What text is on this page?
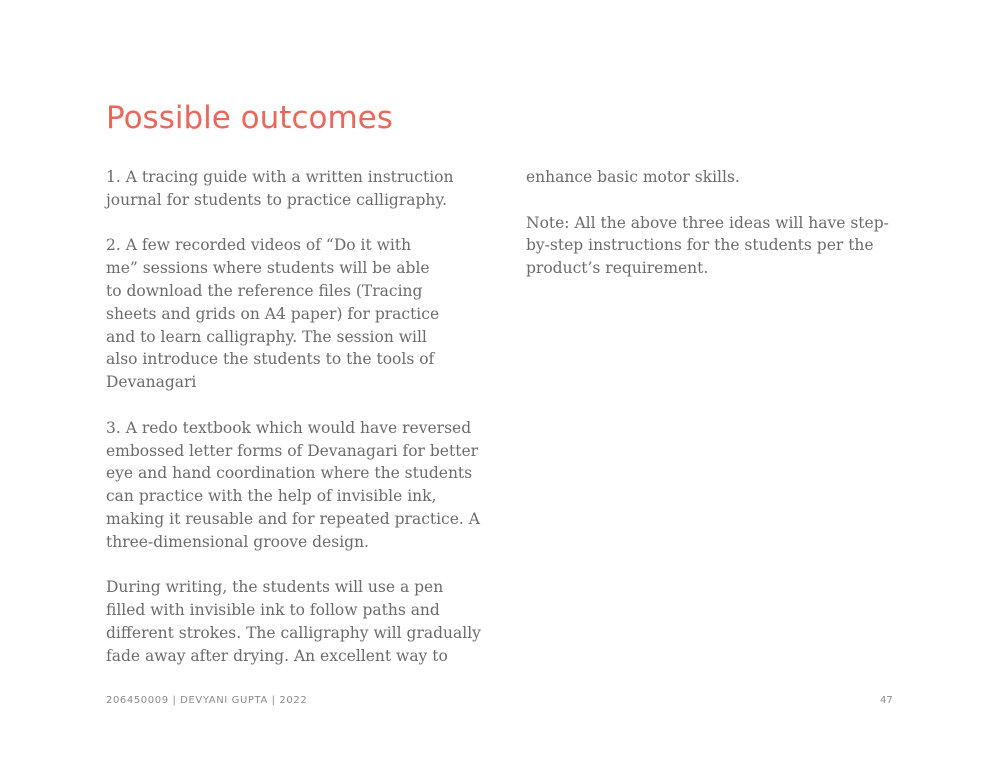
Possible outcomes

1. A tracing guide with a written instruction
journal for students to practice calligraphy.

2. A few recorded videos of “Do it with
me” sessions where students will be able
to download the reference files (Tracing
sheets and grids on A4 paper) for practice
and to learn calligraphy. The session will
also introduce the students to the tools of
Devanagari

3. A redo textbook which would have reversed
embossed letter forms of Devanagari for better
eye and hand coordination where the students
can practice with the help of invisible ink,
making it reusable and for repeated practice. A
three-dimensional groove design.

During writing, the students will use a pen
filled with invisible ink to follow paths and
different strokes. The calligraphy will gradually
fade away after drying. An excellent way to

enhance basic motor skills.

Note: All the above three ideas will have step-
by-step instructions for the students per the
product’s requirement.

206450009 | DEVYANI GUPTA | 2022	47
